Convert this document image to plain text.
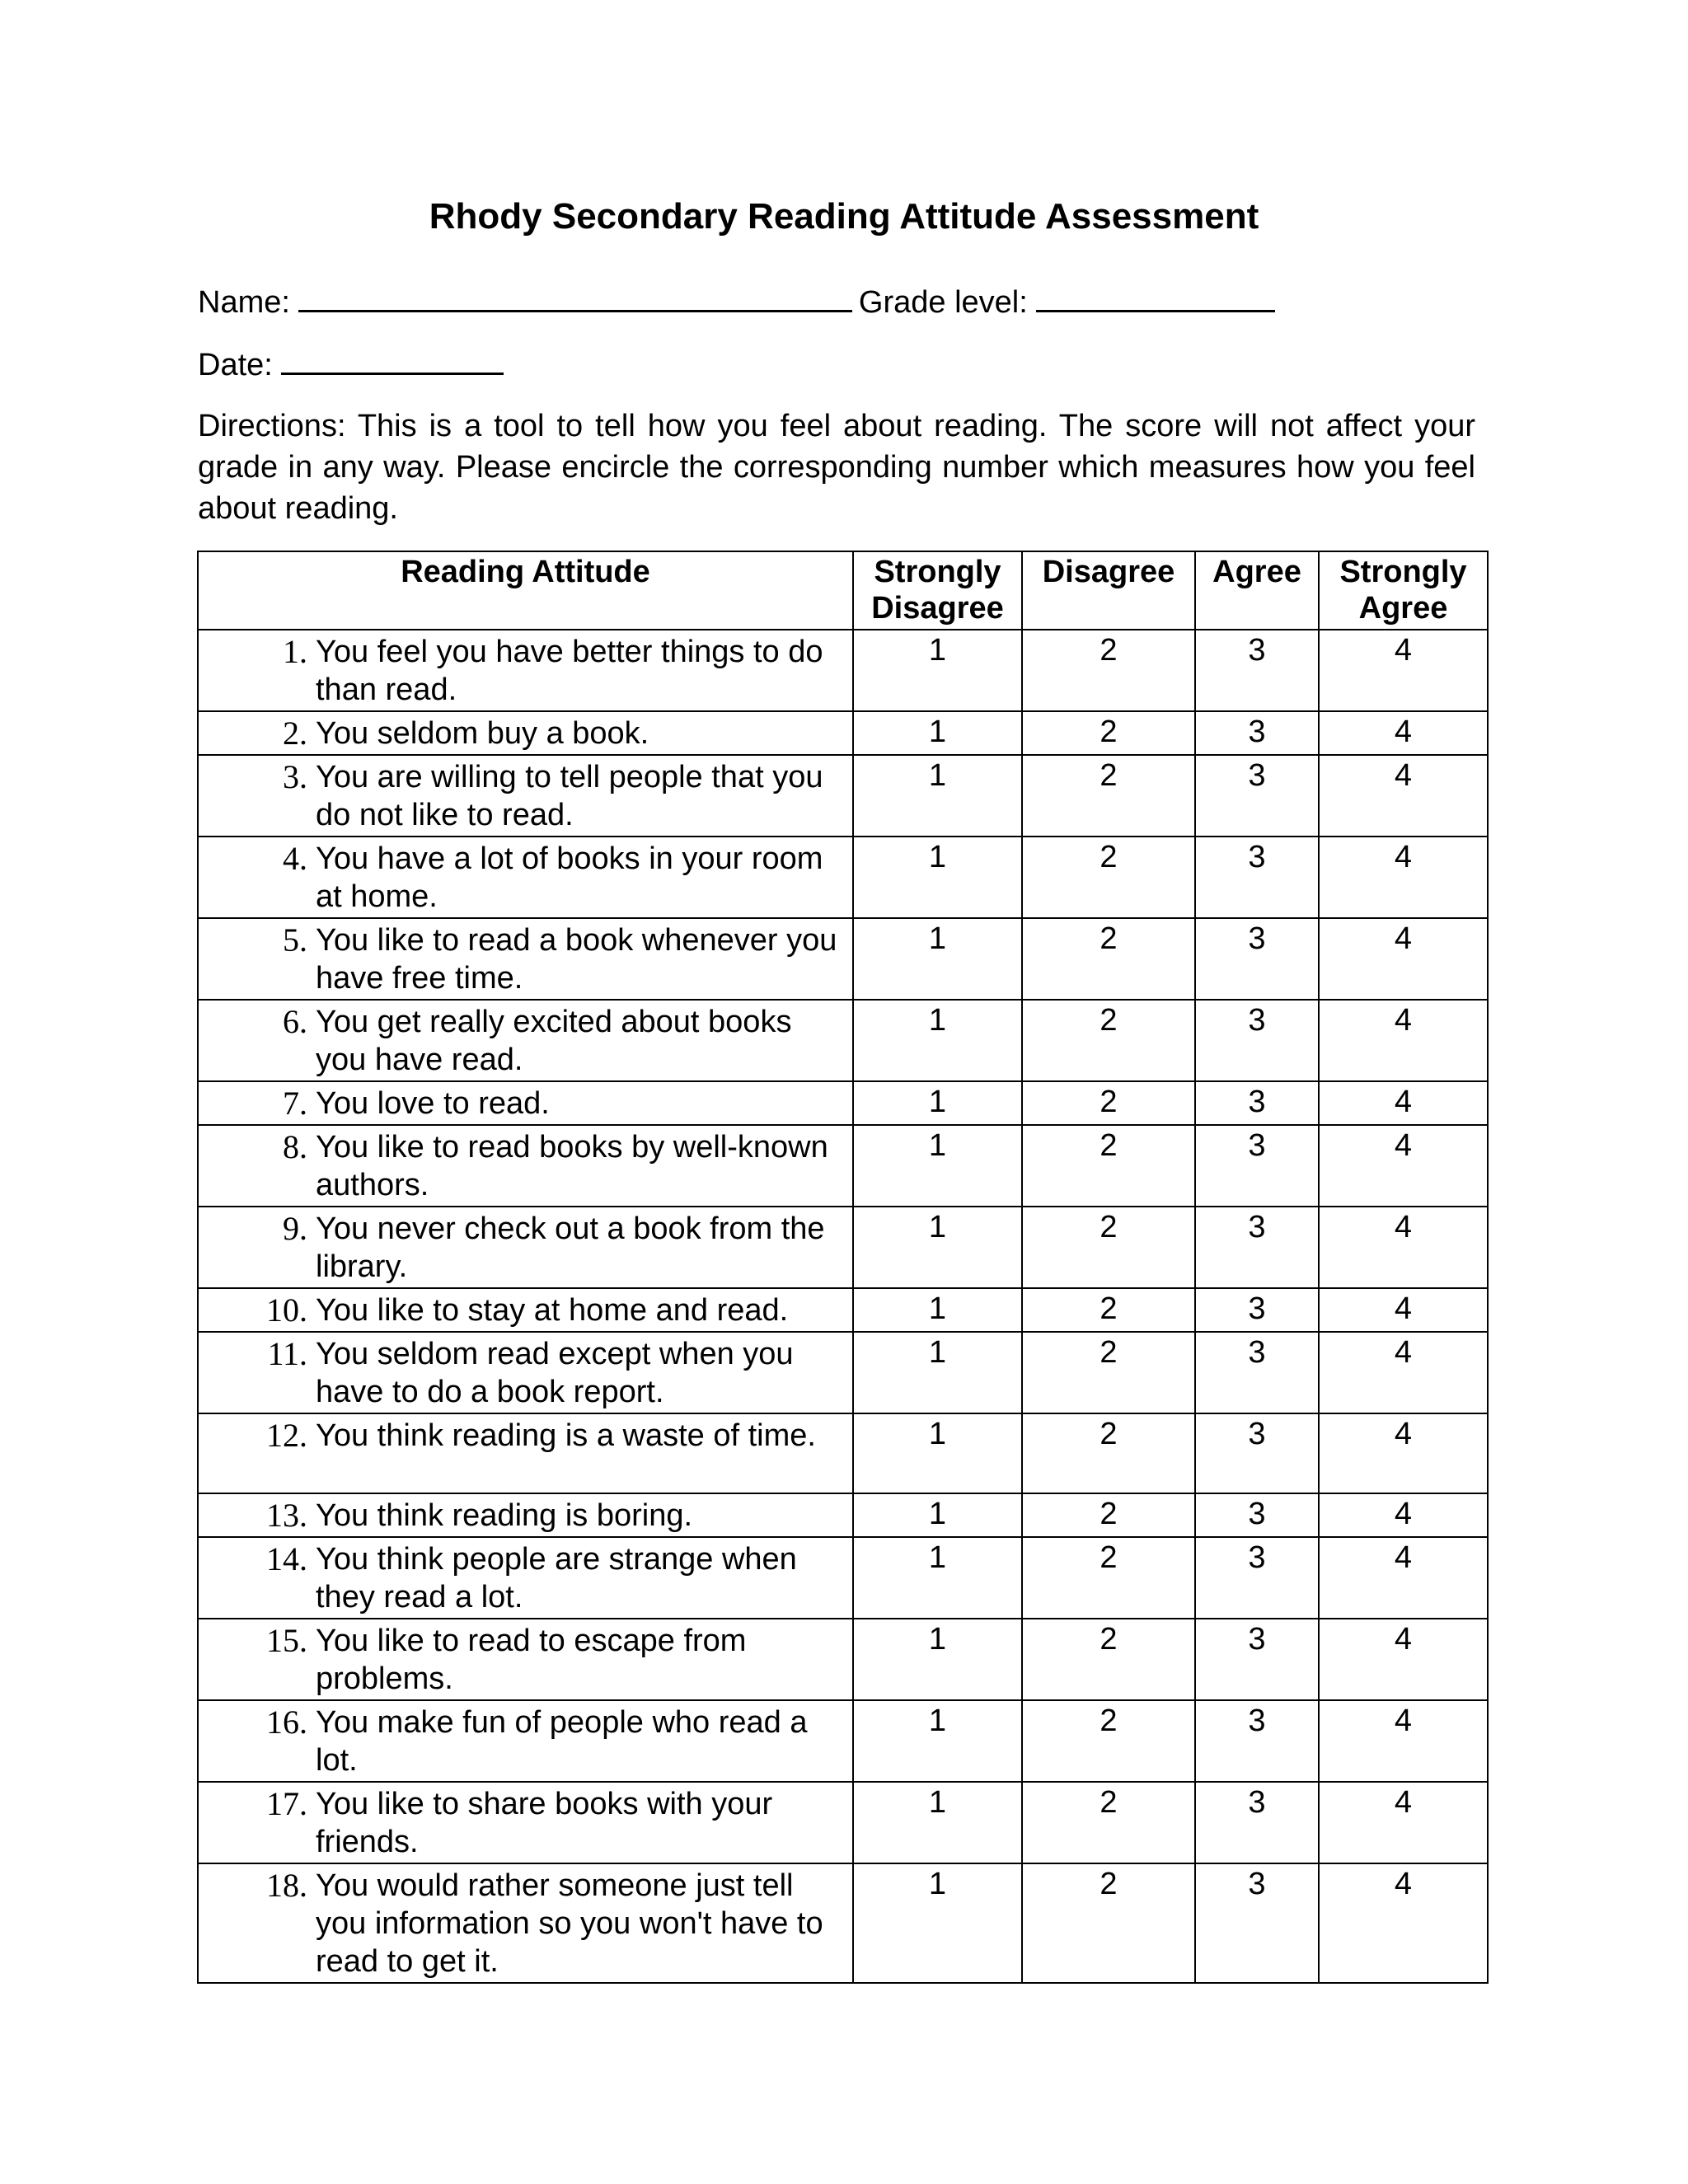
Rhody Secondary Reading Attitude Assessment
Name:	Grade level:
Date:
Directions: This is a tool to tell how you feel about reading. The score will not affect your grade in any way. Please encircle the corresponding number which measures how you feel about reading.
Reading Attitude	Strongly Disagree	Disagree	Agree	Strongly Agree

1. You feel you have better things to do than read.	1	2	3	4

2. You seldom buy a book.	1	2	3	4

3. You are willing to tell people that you do not like to read.	1	2	3	4

4. You have a lot of books in your room at home.	1	2	3	4

5. You like to read a book whenever you have free time.	1	2	3	4

6. You get really excited about books you have read.	1	2	3	4

7. You love to read.	1	2	3	4

8. You like to read books by well-known authors.	1	2	3	4

9. You never check out a book from the library.	1	2	3	4

10. You like to stay at home and read.	1	2	3	4

11. You seldom read except when you have to do a book report.	1	2	3	4

12. You think reading is a waste of time.	1	2	3	4

13. You think reading is boring.	1	2	3	4

14. You think people are strange when they read a lot.	1	2	3	4

15. You like to read to escape from problems.	1	2	3	4

16. You make fun of people who read a lot.	1	2	3	4

17. You like to share books with your friends.	1	2	3	4

18. You would rather someone just tell you information so you won't have to read to get it.	1	2	3	4
